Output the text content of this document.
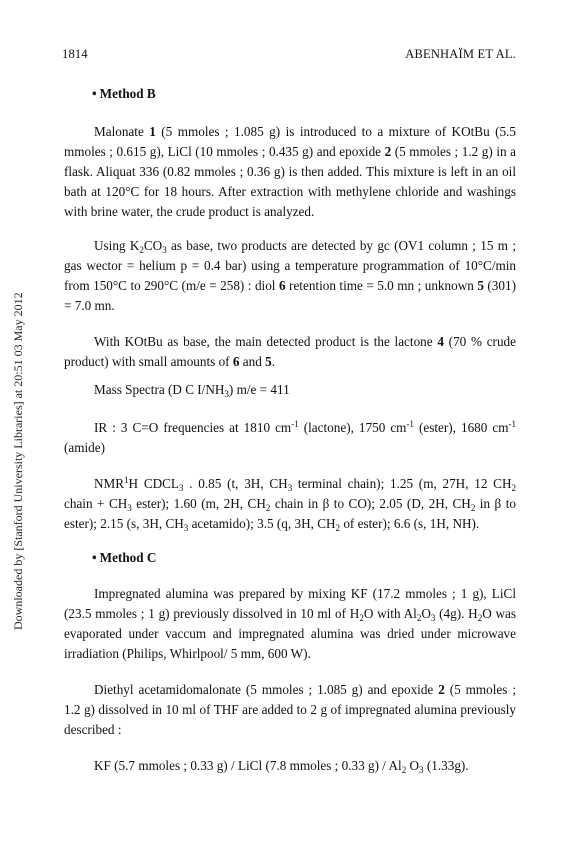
1814	ABENHAÏM ET AL.
Downloaded by [Stanford University Libraries] at 20:51 03 May 2012
• Method B

Malonate 1 (5 mmoles ; 1.085 g) is introduced to a mixture of KOtBu (5.5 mmoles ; 0.615 g), LiCl (10 mmoles ; 0.435 g) and epoxide 2 (5 mmoles ; 1.2 g) in a flask. Aliquat 336 (0.82 mmoles ; 0.36 g) is then added. This mixture is left in an oil bath at 120°C for 18 hours. After extraction with methylene chloride and washings with brine water, the crude product is analyzed.

Using $K_2CO_3$ as base, two products are detected by gc (OV1 column ; 15 m ; gas wector = helium p = 0.4 bar) using a temperature programmation of 10°C/min from 150°C to 290°C (m/e = 258) : diol 6 retention time = 5.0 mn ; unknown 5 (301) = 7.0 mn.

With KOtBu as base, the main detected product is the lactone 4 (70 % crude product) with small amounts of 6 and 5.

Mass Spectra (D C $I/NH_3$) m/e = 411

IR : 3 C=O frequencies at 1810 $cm^{-1}$ (lactone), 1750 $cm^{-1}$ (ester), 1680 $cm^{-1}$ (amide)

NMR$^1$H $CDCL_3$ . 0.85 (t, 3H, $CH_3$ terminal chain); 1.25 (m, 27H, 12 $CH_2$ chain + $CH_3$ ester); 1.60 (m, 2H, $CH_2$ chain in β to CO); 2.05 (D, 2H, $CH_2$ in β to ester); 2.15 (s, 3H, $CH_3$ acetamido); 3.5 (q, 3H, $CH_2$ of ester); 6.6 (s, 1H, NH).

• Method C

Impregnated alumina was prepared by mixing KF (17.2 mmoles ; 1 g), LiCl (23.5 mmoles ; 1 g) previously dissolved in 10 ml of $H_2O$ with $Al_2O_3$ (4g). $H_2O$ was evaporated under vaccum and impregnated alumina was dried under microwave irradiation (Philips, Whirlpool/ 5 mm, 600 W).

Diethyl acetamidomalonate (5 mmoles ; 1.085 g) and epoxide 2 (5 mmoles ; 1.2 g) dissolved in 10 ml of THF are added to 2 g of impregnated alumina previously described :

KF (5.7 mmoles ; 0.33 g) / LiCl (7.8 mmoles ; 0.33 $g) / Al_2$ $O_3$ (1.33g).
